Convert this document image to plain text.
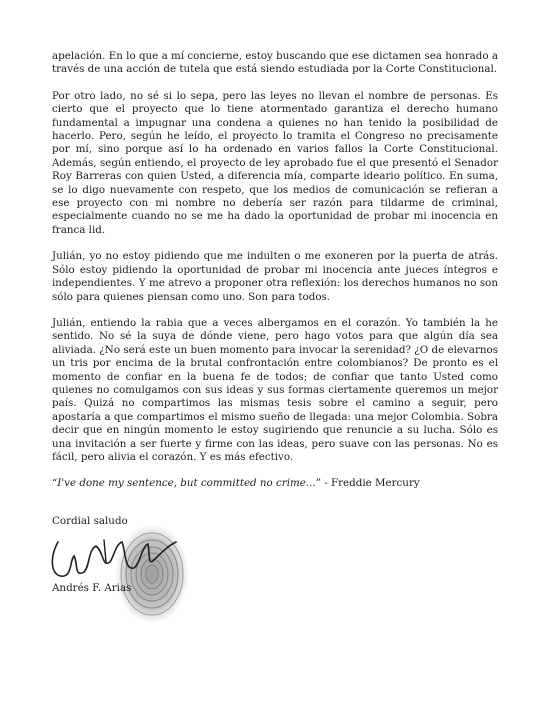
apelación. En lo que a mí concierne, estoy buscando que ese dictamen sea honrado a través de una acción de tutela que está siendo estudiada por la Corte Constitucional.

Por otro lado, no sé si lo sepa, pero las leyes no llevan el nombre de personas. Es cierto que el proyecto que lo tiene atormentado garantiza el derecho humano fundamental a impugnar una condena a quienes no han tenido la posibilidad de hacerlo. Pero, según he leído, el proyecto lo tramita el Congreso no precisamente por mí, sino porque así lo ha ordenado en varios fallos la Corte Constitucional. Además, según entiendo, el proyecto de ley aprobado fue el que presentó el Senador Roy Barreras con quien Usted, a diferencia mía, comparte ideario político. En suma, se lo digo nuevamente con respeto, que los medios de comunicación se refieran a ese proyecto con mi nombre no debería ser razón para tildarme de criminal, especialmente cuando no se me ha dado la oportunidad de probar mi inocencia en franca lid.

Julián, yo no estoy pidiendo que me indulten o me exoneren por la puerta de atrás. Sólo estoy pidiendo la oportunidad de probar mi inocencia ante jueces íntegros e independientes. Y me atrevo a proponer otra reflexión: los derechos humanos no son sólo para quienes piensan como uno. Son para todos.

Julián, entiendo la rabia que a veces albergamos en el corazón. Yo también la he sentido. No sé la suya de dónde viene, pero hago votos para que algún día sea aliviada. ¿No será este un buen momento para invocar la serenidad? ¿O de elevarnos un tris por encima de la brutal confrontación entre colombianos? De pronto es el momento de confiar en la buena fe de todos; de confiar que tanto Usted como quienes no comulgamos con sus ideas y sus formas ciertamente queremos un mejor país. Quizá no compartimos las mismas tesis sobre el camino a seguir, pero apostaría a que compartimos el mismo sueño de llegada: una mejor Colombia. Sobra decir que en ningún momento le estoy sugiriendo que renuncie a su lucha. Sólo es una invitación a ser fuerte y firme con las ideas, pero suave con las personas. No es fácil, pero alivia el corazón. Y es más efectivo.

“I've done my sentence, but committed no crime...” - Freddie Mercury

Cordial saludo

Andrés F. Arias
